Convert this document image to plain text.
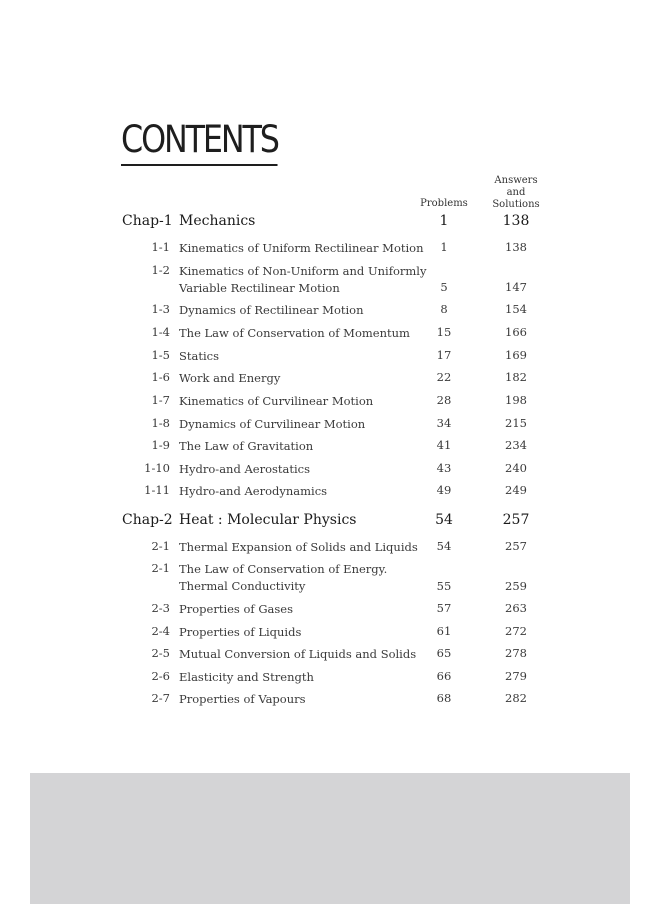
CONTENTS
Problems
Answers
and
Solutions
Chap-1 Mechanics	1	138
1-1 Kinematics of Uniform Rectilinear Motion	1	138
1-2 Kinematics of Non-Uniform and Uniformly
Variable Rectilinear Motion	5	147
1-3 Dynamics of Rectilinear Motion	8	154
1-4 The Law of Conservation of Momentum	15	166
1-5 Statics	17	169
1-6 Work and Energy	22	182
1-7 Kinematics of Curvilinear Motion	28	198
1-8 Dynamics of Curvilinear Motion	34	215
1-9 The Law of Gravitation	41	234
1-10 Hydro-and Aerostatics	43	240
1-11 Hydro-and Aerodynamics	49	249
Chap-2 Heat : Molecular Physics	54	257
2-1 Thermal Expansion of Solids and Liquids	54	257
2-1 The Law of Conservation of Energy.
Thermal Conductivity	55	259
2-3 Properties of Gases	57	263
2-4 Properties of Liquids	61	272
2-5 Mutual Conversion of Liquids and Solids	65	278
2-6 Elasticity and Strength	66	279
2-7 Properties of Vapours	68	282
